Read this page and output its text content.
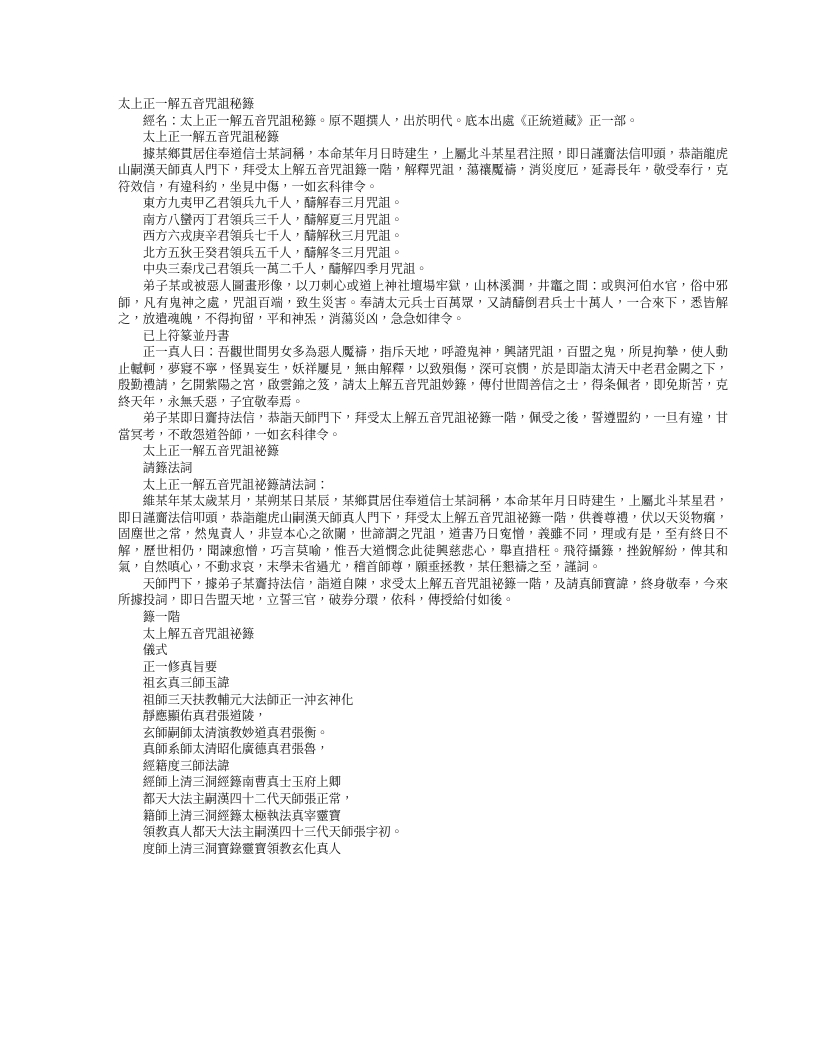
太上正一解五音咒詛秘籙
經名：太上正一解五音咒詛秘籙。原不題撰人，出於明代。底本出處《正統道藏》正一部。
太上正一解五音咒詛秘籙
據某鄉貫居住奉道信士某詞稱，本命某年月日時建生，上屬北斗某星君注照，即日謹齎法信叩頭，恭詣龍虎山嗣漢天師真人門下，拜受太上解五音咒詛籙一階，解釋咒詛，蕩禳魘禱，消災度厄，延壽長年，敬受奉行，克符效信，有違科約，坐見中傷，一如玄科律令。
東方九夷甲乙君領兵九千人，醻解春三月咒詛。
南方八蠻丙丁君領兵三千人，醻解夏三月咒詛。
西方六戎庚辛君領兵七千人，醻解秋三月咒詛。
北方五狄壬癸君領兵五千人，醻解冬三月咒詛。
中央三秦戊己君領兵一萬二千人，醻解四季月咒詛。
弟子某或被惡人圖畫形像，以刀刺心或道上神社壇場牢獄，山林溪澗，井竈之間：或與河伯水官，俗中邪師，凡有鬼神之處，咒詛百端，致生災害。奉請太元兵士百萬眾，又請醻倒君兵士十萬人，一合來下，悉皆解之，放遣魂魄，不得拘留，平和神炁，消蕩災凶，急急如律令。
已上符篆並丹書
正一真人曰：吾觀世間男女多為惡人魘禱，指斥天地，呼證鬼神，興諸咒詛，百盟之鬼，所見拘摯，使人動止轗軻，夢寢不寧，怪異妄生，妖祥屢見，無由解釋，以致殞傷，深可哀憫，於是即詣太清天中老君金闕之下，殷勤禮請，乞開紫陽之宮，啟雲錦之笈，請太上解五音咒詛妙籙，傳付世間善信之士，得条佩者，即免斯苦，克終天年，永無夭惡，子宜敬奉焉。
弟子某即日齎持法信，恭詣天師門下，拜受太上解五音咒詛祕籙一階，佩受之後，誓遵盟約，一旦有違，甘當冥考，不敢怨道咎師，一如玄科律令。
太上正一解五音咒詛祕籙
請籙法詞
太上正一解五音咒詛祕籙請法詞：
維某年某太歲某月，某朔某日某辰，某鄉貫居住奉道信士某詞稱，本命某年月日時建生，上屬北斗某星君，即日謹齎法信叩頭，恭詣龍虎山嗣漢天師真人門下，拜受太上解五音咒詛祕籙一階，供養尊禮，伏以天災物癘，固塵世之常，然鬼責人，非豈本心之欲闌，世諦謂之咒詛，道書乃日寃憎，義雖不同，理或有是，至有終日不解，歷世相仍，聞諫愈憎，巧言莫喻，惟吾大道憫念此徒興慈悲心，舉直措枉。飛符攝籙，挫銳解紛，俾其和氣，自然嗔心，不動求哀，末學未省過尤，稽首師尊，願垂拯教，某任懇禱之至，謹詞。
天師門下，據弟子某齎持法信，詣道自陳，求受太上解五音咒詛祕籙一階，及請真師寶諱，終身敬奉，今來所據投詞，即日告盟天地，立誓三官，破券分環，依科，傳授給付如後。
籙一階
太上解五音咒詛祕籙
儀式
正一修真旨要
祖玄真三師玉諱
祖師三天扶教輔元大法師正一沖玄神化
靜應顯佑真君張道陵，
玄師嗣師太清演教妙道真君張衡。
真師系師太清昭化廣德真君張魯，
經籍度三師法諱
經師上清三洞經籙南曹真士玉府上卿
都天大法主嗣漢四十二代天師張正常，
籍師上清三洞經籙太極執法真宰靈寶
領教真人都天大法主嗣漢四十三代天師張宇初。
度師上清三洞寶錄靈寶領教玄化真人
